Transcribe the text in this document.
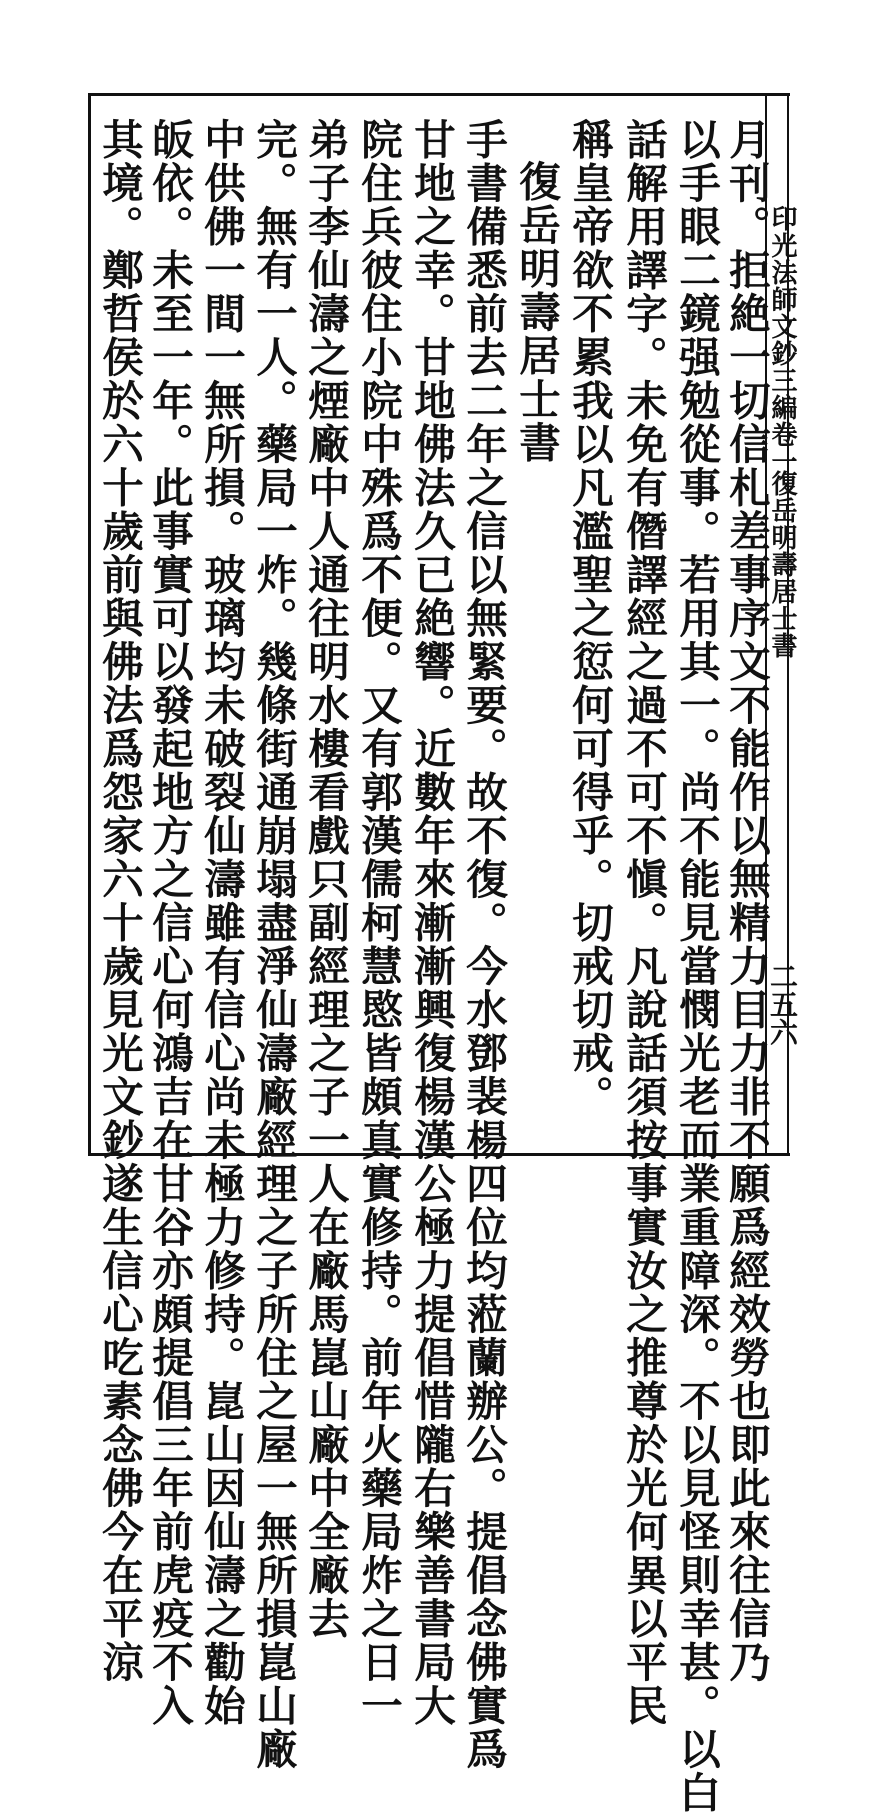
印光法師文鈔三編卷一
復岳明壽居士書
二五六
月刊。拒絶一切信札差事序文不能作以無精力目力非不願爲經效勞也即此來往信乃
以手眼二鏡强勉從事。若用其一。尚不能見當憫光老而業重障深。不以見怪則幸甚。以白
話解用譯字。未免有僭譯經之過不可不愼。凡說話須按事實汝之推尊於光何異以平民
稱皇帝欲不累我以凡濫聖之愆何可得乎。切戒切戒。
復岳明壽居士書
手書備悉前去二年之信以無緊要。故不復。今水鄧裴楊四位均蒞蘭辦公。提倡念佛實爲
甘地之幸。甘地佛法久已絶響。近數年來漸漸興復楊漢公極力提倡惜隴右樂善書局大
院住兵彼住小院中殊爲不便。又有郭漢儒柯慧愍皆頗真實修持。前年火藥局炸之日一
弟子李仙濤之煙廠中人通往明水樓看戲只副經理之子一人在廠馬崑山廠中全廠去
完。無有一人。藥局一炸。幾條街通崩塌盡淨仙濤廠經理之子所住之屋一無所損崑山廠
中供佛一間一無所損。玻璃均未破裂仙濤雖有信心尚未極力修持。崑山因仙濤之勸始
皈依。未至一年。此事實可以發起地方之信心何鴻吉在甘谷亦頗提倡三年前虎疫不入
其境。鄭哲侯於六十歲前與佛法爲怨家六十歲見光文鈔遂生信心吃素念佛今在平涼
